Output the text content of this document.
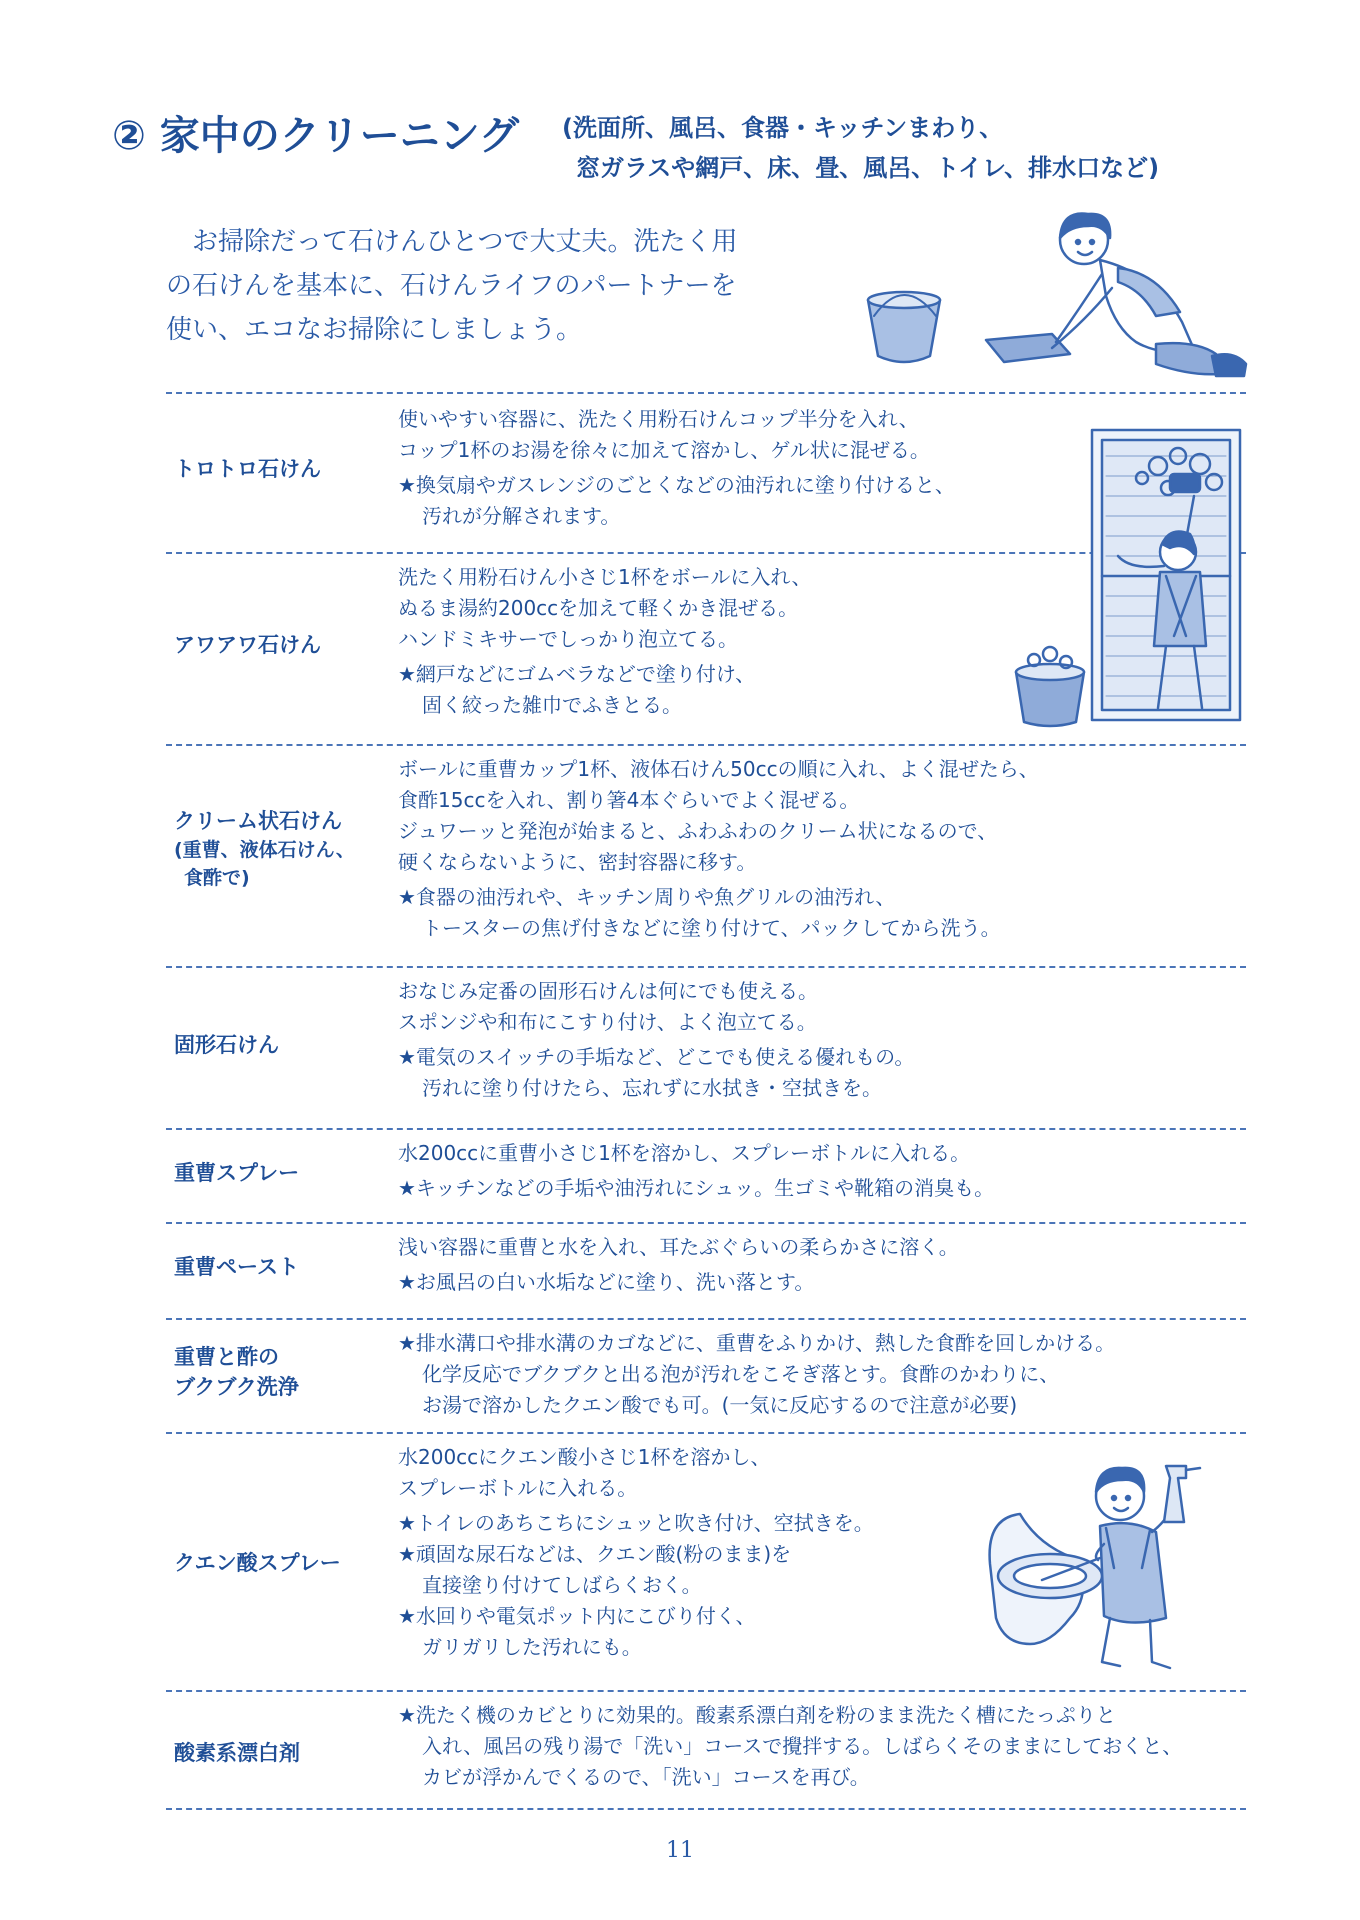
② 家中のクリーニング (洗面所、風呂、食器・キッチンまわり、
窓ガラスや網戸、床、畳、風呂、トイレ、排水口など)
お掃除だって石けんひとつで大丈夫。洗たく用
の石けんを基本に、石けんライフのパートナーを
使い、エコなお掃除にしましょう。
トロトロ石けん
使いやすい容器に、洗たく用粉石けんコップ半分を入れ、
コップ1杯のお湯を徐々に加えて溶かし、ゲル状に混ぜる。
★換気扇やガスレンジのごとくなどの油汚れに塗り付けると、
汚れが分解されます。
アワアワ石けん
洗たく用粉石けん小さじ1杯をボールに入れ、
ぬるま湯約200ccを加えて軽くかき混ぜる。
ハンドミキサーでしっかり泡立てる。
★網戸などにゴムベラなどで塗り付け、
固く絞った雑巾でふきとる。
クリーム状石けん
(重曹、液体石けん、
食酢で)
ボールに重曹カップ1杯、液体石けん50ccの順に入れ、よく混ぜたら、
食酢15ccを入れ、割り箸4本ぐらいでよく混ぜる。
ジュワーッと発泡が始まると、ふわふわのクリーム状になるので、
硬くならないように、密封容器に移す。
★食器の油汚れや、キッチン周りや魚グリルの油汚れ、
トースターの焦げ付きなどに塗り付けて、パックしてから洗う。
固形石けん
おなじみ定番の固形石けんは何にでも使える。
スポンジや和布にこすり付け、よく泡立てる。
★電気のスイッチの手垢など、どこでも使える優れもの。
汚れに塗り付けたら、忘れずに水拭き・空拭きを。
重曹スプレー
水200ccに重曹小さじ1杯を溶かし、スプレーボトルに入れる。
★キッチンなどの手垢や油汚れにシュッ。生ゴミや靴箱の消臭も。
重曹ペースト
浅い容器に重曹と水を入れ、耳たぶぐらいの柔らかさに溶く。
★お風呂の白い水垢などに塗り、洗い落とす。
重曹と酢の
ブクブク洗浄
★排水溝口や排水溝のカゴなどに、重曹をふりかけ、熱した食酢を回しかける。
化学反応でブクブクと出る泡が汚れをこそぎ落とす。食酢のかわりに、
お湯で溶かしたクエン酸でも可。(一気に反応するので注意が必要)
クエン酸スプレー
水200ccにクエン酸小さじ1杯を溶かし、
スプレーボトルに入れる。
★トイレのあちこちにシュッと吹き付け、空拭きを。
★頑固な尿石などは、クエン酸(粉のまま)を
直接塗り付けてしばらくおく。
★水回りや電気ポット内にこびり付く、
ガリガリした汚れにも。
酸素系漂白剤
★洗たく機のカビとりに効果的。酸素系漂白剤を粉のまま洗たく槽にたっぷりと
入れ、風呂の残り湯で「洗い」コースで攪拌する。しばらくそのままにしておくと、
カビが浮かんでくるので、「洗い」コースを再び。
11
